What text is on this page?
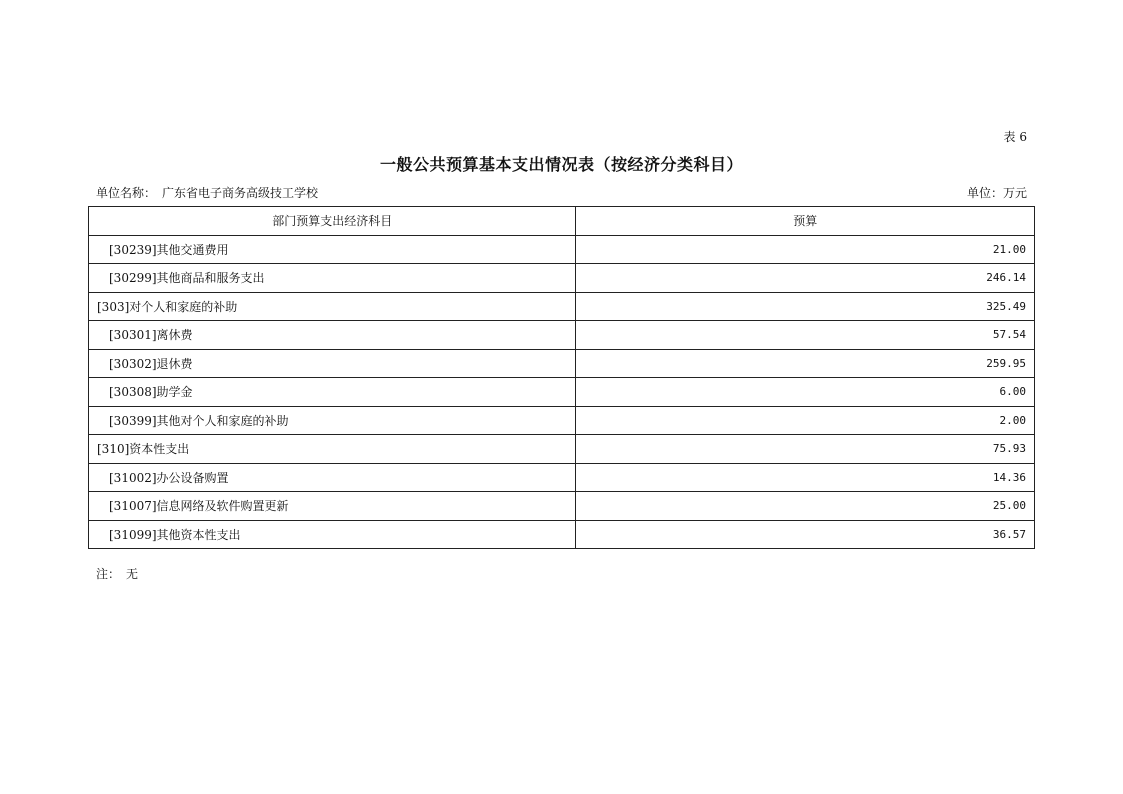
表 6
一般公共预算基本支出情况表（按经济分类科目）
单位名称：　广东省电子商务高级技工学校	单位：万元
部门预算支出经济科目	预算
[30239]其他交通费用	21.00
[30299]其他商品和服务支出	246.14
[303]对个人和家庭的补助	325.49
[30301]离休费	57.54
[30302]退休费	259.95
[30308]助学金	6.00
[30399]其他对个人和家庭的补助	2.00
[310]资本性支出	75.93
[31002]办公设备购置	14.36
[31007]信息网络及软件购置更新	25.00
[31099]其他资本性支出	36.57
注：　无
